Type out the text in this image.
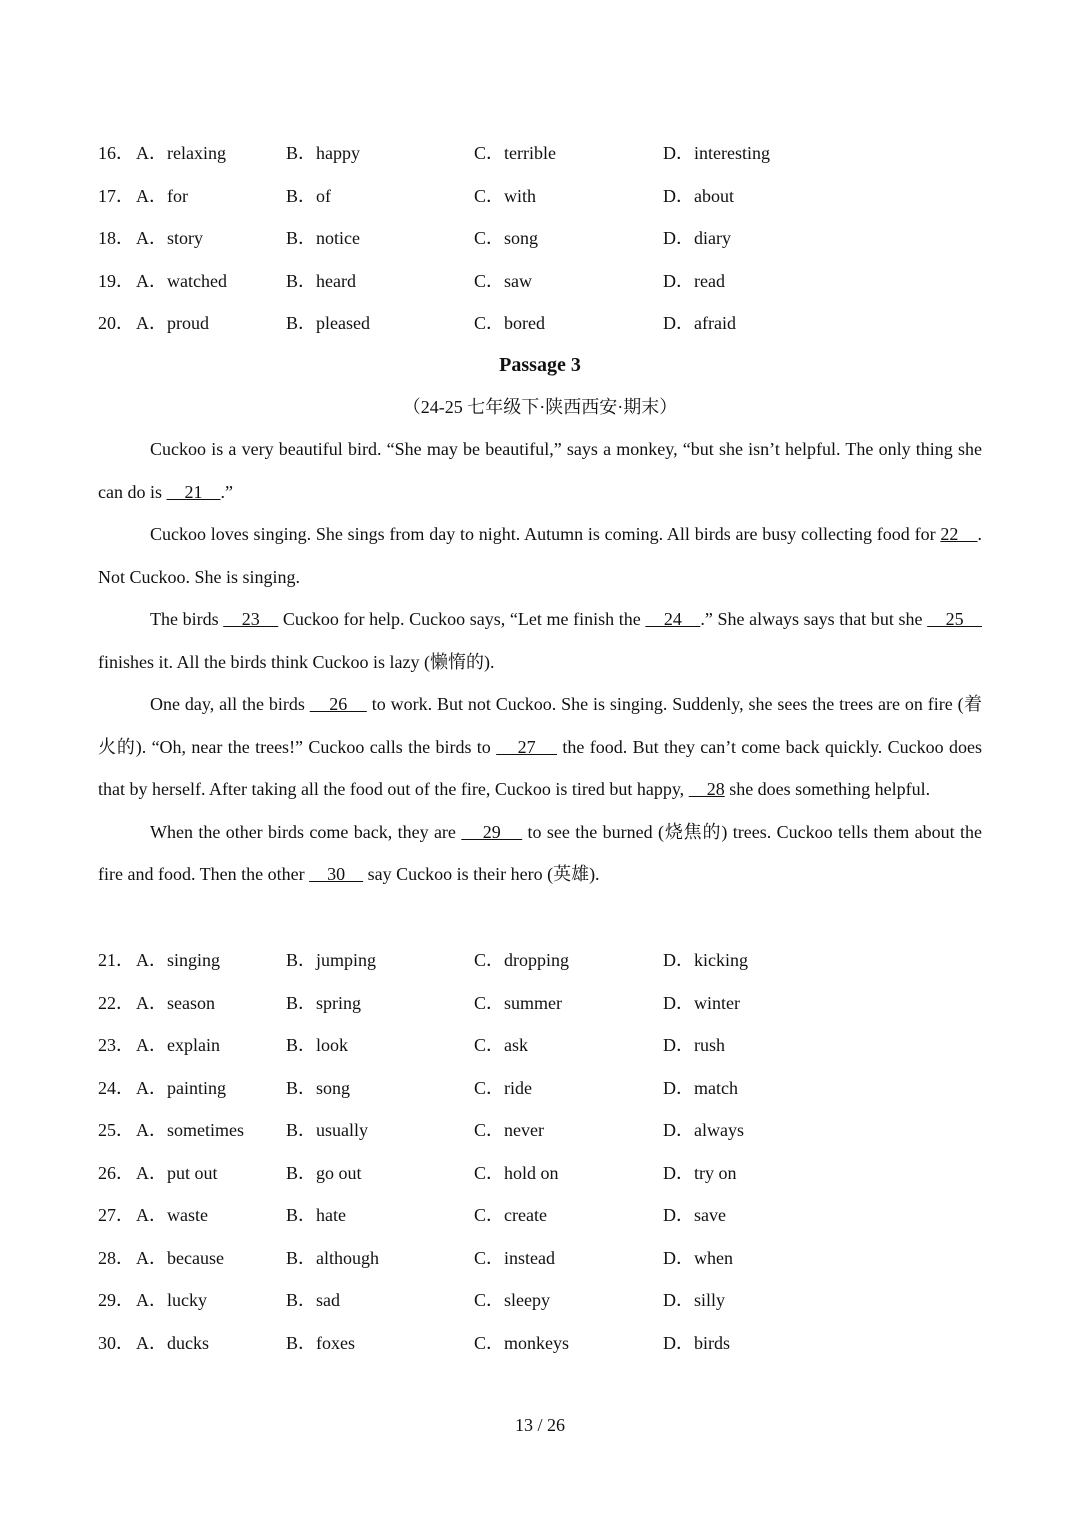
16． A．relaxing	B．happy	C．terrible	D．interesting
17． A．for	B．of	C．with	D．about
18． A．story	B．notice	C．song	D．diary
19． A．watched	B．heard	C．saw	D．read
20． A．proud	B．pleased	C．bored	D．afraid
Passage 3
（24-25 七年级下·陕西西安·期末）

Cuckoo is a very beautiful bird. “She may be beautiful,” says a monkey, “but she isn’t helpful. The only thing she can do is     21    .”

Cuckoo loves singing. She sings from day to night. Autumn is coming. All birds are busy collecting food for 22    . Not Cuckoo. She is singing.

The birds     23     Cuckoo for help. Cuckoo says, “Let me finish the     24    .” She always says that but she     25     finishes it. All the birds think Cuckoo is lazy (懒惰的).

One day, all the birds     26     to work. But not Cuckoo. She is singing. Suddenly, she sees the trees are on fire (着火的). “Oh, near the trees!” Cuckoo calls the birds to     27     the food. But they can’t come back quickly. Cuckoo does that by herself. After taking all the food out of the fire, Cuckoo is tired but happy,     28 she does something helpful.

When the other birds come back, they are     29     to see the burned (烧焦的) trees. Cuckoo tells them about the fire and food. Then the other     30     say Cuckoo is their hero (英雄).

21． A．singing	B．jumping	C．dropping	D．kicking
22． A．season	B．spring	C．summer	D．winter
23． A．explain	B．look	C．ask	D．rush
24． A．painting	B．song	C．ride	D．match
25． A．sometimes B．usually	C．never	D．always
26． A．put out	B．go out	C．hold on	D．try on
27． A．waste	B．hate	C．create	D．save
28． A．because	B．although	C．instead	D．when
29． A．lucky	B．sad	C．sleepy	D．silly
30． A．ducks	B．foxes	C．monkeys	D．birds
13 / 26
